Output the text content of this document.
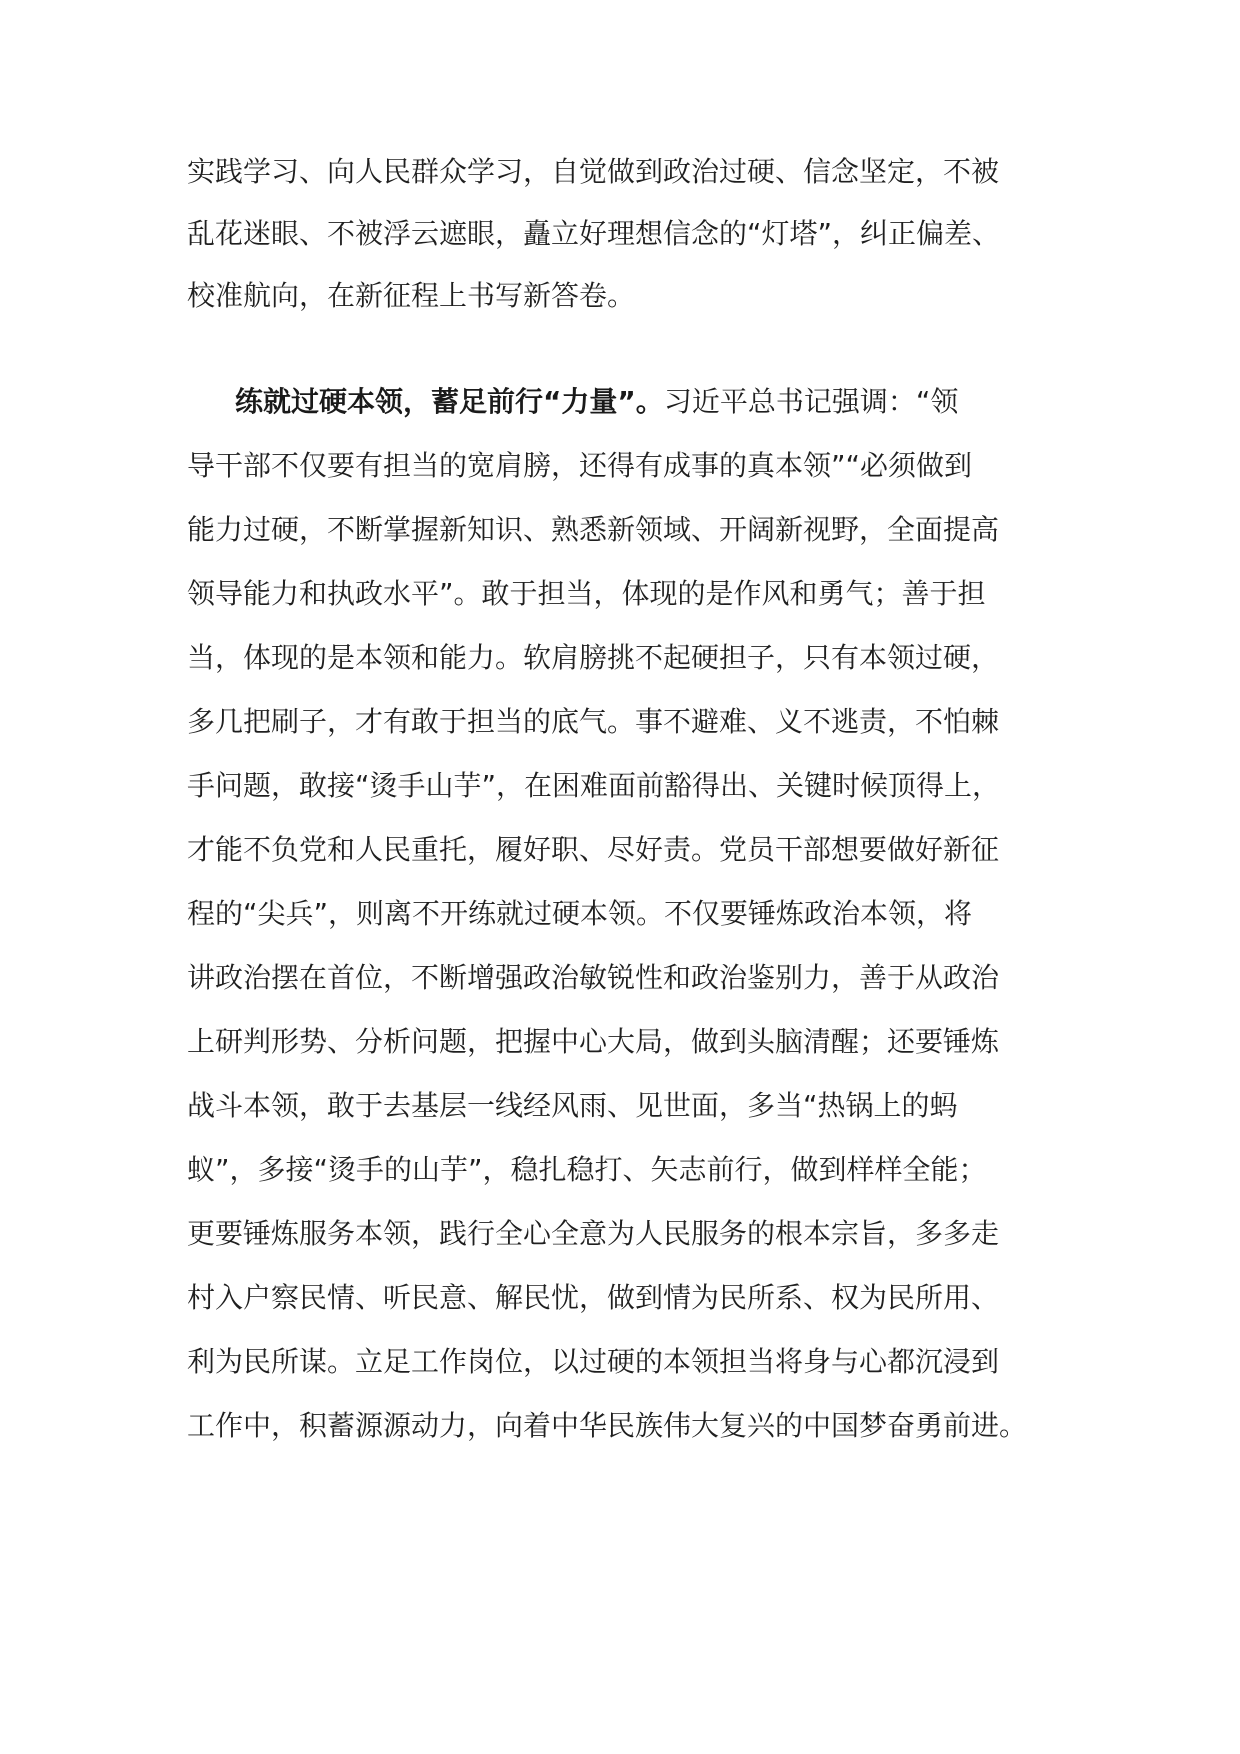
实践学习、向人民群众学习，自觉做到政治过硬、信念坚定，不被
乱花迷眼、不被浮云遮眼，矗立好理想信念的“灯塔”，纠正偏差、
校准航向，在新征程上书写新答卷。
练就过硬本领，蓄足前行“力量”。习近平总书记强调：“领
导干部不仅要有担当的宽肩膀，还得有成事的真本领”“必须做到
能力过硬，不断掌握新知识、熟悉新领域、开阔新视野，全面提高
领导能力和执政水平”。敢于担当，体现的是作风和勇气；善于担
当，体现的是本领和能力。软肩膀挑不起硬担子，只有本领过硬，
多几把刷子，才有敢于担当的底气。事不避难、义不逃责，不怕棘
手问题，敢接“烫手山芋”，在困难面前豁得出、关键时候顶得上，
才能不负党和人民重托，履好职、尽好责。党员干部想要做好新征
程的“尖兵”，则离不开练就过硬本领。不仅要锤炼政治本领，将
讲政治摆在首位，不断增强政治敏锐性和政治鉴别力，善于从政治
上研判形势、分析问题，把握中心大局，做到头脑清醒；还要锤炼
战斗本领，敢于去基层一线经风雨、见世面，多当“热锅上的蚂
蚁”，多接“烫手的山芋”，稳扎稳打、矢志前行，做到样样全能；
更要锤炼服务本领，践行全心全意为人民服务的根本宗旨，多多走
村入户察民情、听民意、解民忧，做到情为民所系、权为民所用、
利为民所谋。立足工作岗位，以过硬的本领担当将身与心都沉浸到
工作中，积蓄源源动力，向着中华民族伟大复兴的中国梦奋勇前进。
